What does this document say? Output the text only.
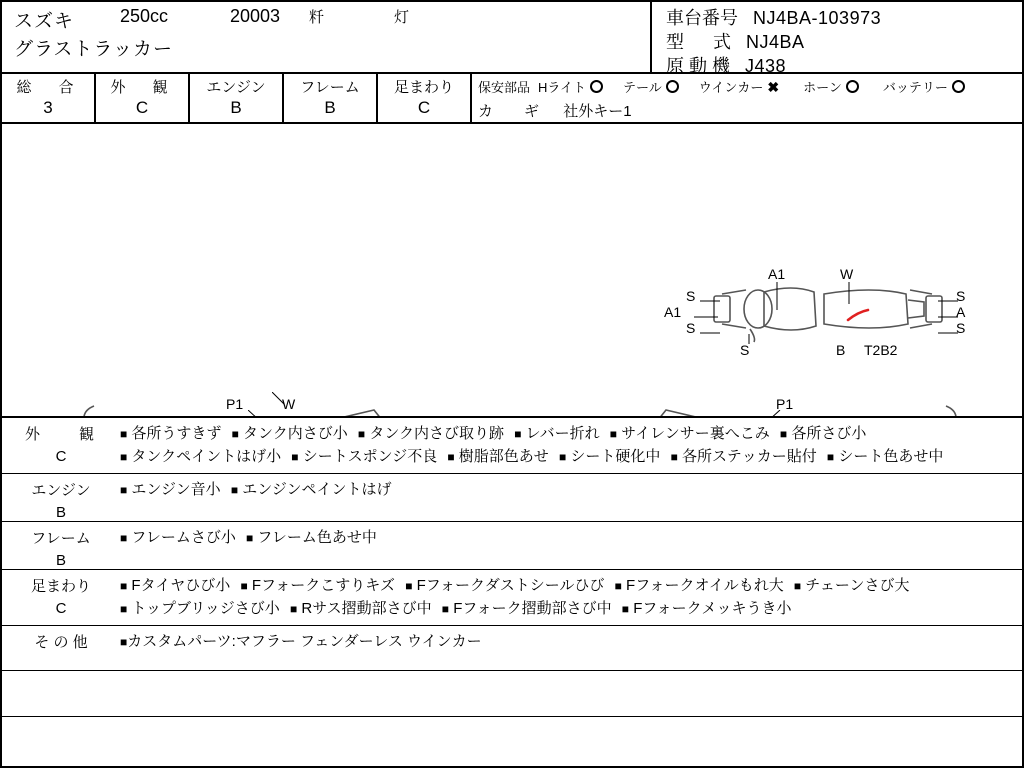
スズキ
グラストラッカー
250cc	20003 粁	灯	車台番号 NJ4BA-103973
型 式 NJ4BA
原 動 機 J438
総　合
3
外　観
C
エンジン
B
フレーム
B
足まわり
C
保安部品 Hライト	テール	ウインカー ✖ ホーン	バッテリー
カ　ギ 社外キー1
A1	W
S	S
A1	A
S	S
S	B T2B2
P1	W	P1
外　　観
C
■ 各所うすきず ■ タンク内さび小 ■ タンク内さび取り跡 ■ レバー折れ ■ サイレンサー裏へこみ ■ 各所さび小 ■ タンクペイントはげ小 ■ シートスポンジ不良 ■ 樹脂部色あせ ■ シート硬化中 ■ 各所ステッカー貼付 ■ シート色あせ中
エンジン
B
■ エンジン音小 ■ エンジンペイントはげ
フレーム
B
■ フレームさび小 ■ フレーム色あせ中
足まわり
C
■ Fタイヤひび小 ■ Fフォークこすりキズ ■ Fフォークダストシールひび ■ Fフォークオイルもれ大 ■ チェーンさび大 ■ トップブリッジさび小 ■ Rサス摺動部さび中 ■ Fフォーク摺動部さび中 ■ Fフォークメッキうき小
そ の 他	■カスタムパーツ:マフラー フェンダーレス ウインカー
